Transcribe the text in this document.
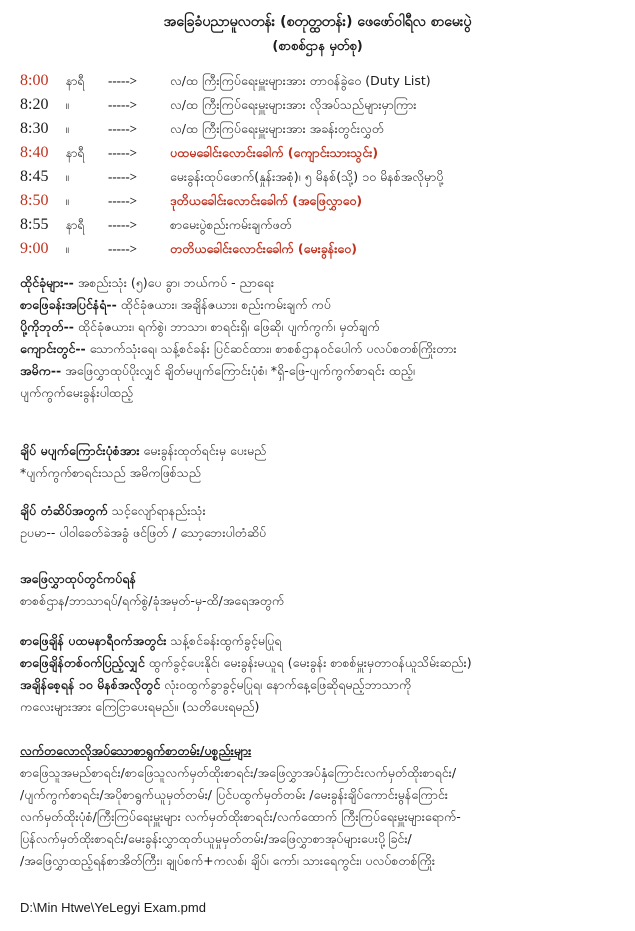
အခြေခံပညာမူလတန်း (စတုတ္ထတန်း) ဖေဖော်ဝါရီလ စာမေးပွဲ
(စာစစ်ဌာန မှတ်စု)
8:00	နာရီ	----->	လ/ထ ကြီးကြပ်ရေးမှူးများအား တာဝန်ခွဲဝေ (Duty List)
8:20	။	----->	လ/ထ ကြီးကြပ်ရေးမှူးများအား လိုအပ်သည်များမှာကြား
8:30	။	----->	လ/ထ ကြီးကြပ်ရေးမှူးများအား အခန်းတွင်းလွှတ်
8:40	နာရီ	----->	ပထမခေါင်းလောင်းခေါက် (ကျောင်းသားသွင်း)
8:45	။	----->	မေးခွန်းထုပ်ဖောက်(နှုန်းအစုံ)၊ ၅ မိနစ်(သို့) ၁၀ မိနစ်အလိုမှာပို့
8:50	။	----->	ဒုတိယခေါင်းလောင်းခေါက် (အဖြေလွှာဝေ)
8:55	နာရီ	----->	စာမေးပွဲစည်းကမ်းချက်ဖတ်
9:00	။	----->	တတိယခေါင်းလောင်းခေါက် (မေးခွန်းဝေ)
ထိုင်ခုံများ-- အစည်းသုံး (၅)ပေ ခွာ၊ ဘယ်ကပ် - ညာရေး
စာဖြေခန်းအပြင်နံရံ-- ထိုင်ခုံဇယား၊ အချိန်ဇယား၊ စည်းကမ်းချက် ကပ်
ပို့ကိုဘုတ်-- ထိုင်ခုံဇယား၊ ရက်စွဲ၊ ဘာသာ၊ စာရင်းရှိ၊ ဖြေဆို၊ ပျက်ကွက်၊ မှတ်ချက်
ကျောင်းတွင်-- သောက်သုံးရေ၊ သန့်စင်ခန်း ပြင်ဆင်ထား၊ စာစစ်ဌာနဝင်ပေါက် ပလပ်စတစ်ကြိုးတား
အမိက-- အဖြေလွှာထုပ်ပိုးလျှင် ချိတ်မပျက်ကြောင်းပုံစံ၊ *ရှိ-ဖြေ-ပျက်ကွက်စာရင်း ထည့်၊
ပျက်ကွက်မေးခွန်းပါထည့်
ချိပ် မပျက်ကြောင်းပုံစံအား မေးခွန်းထုတ်ရင်းမှ ပေးမည်
*ပျက်ကွက်စာရင်းသည် အမိကဖြစ်သည်
ချိပ် တံဆိပ်အတွက် သင့်လျော်ရာနည်းသုံး
ဥပမာ-- ပါဝါခေတ်ခဲအခွံ ဖင်ဖြတ် / သော့ဘေးပါတံဆိပ်
အဖြေလွှာထုပ်တွင်ကပ်ရန်
စာစစ်ဌာန/ဘာသာရပ်/ရက်စွဲ/ခုံအမှတ်-မှ-ထိ/အရေအတွက်
စာဖြေချိန် ပထမနာရီဝက်အတွင်း သန့်စင်ခန်းထွက်ခွင့်မပြုရ
စာဖြေချိန်တစ်ဝက်ပြည့်လျှင် ထွက်ခွင့်ပေးနိုင်၊ မေးခွန်းမယူရ (မေးခွန်း စာစစ်မှူးမှတာဝန်ယူသိမ်းဆည်း)
အချိန်စေ့ရန် ၁၀ မိနစ်အလိုတွင် လုံးဝထွက်ခွာခွင့်မပြုရ၊ နောက်နေ့ဖြေဆိုရမည့်ဘာသာကို
ကလေးများအား ကြေငြာပေးရမည်။ (သတိပေးရမည်)
လက်တလောလိုအပ်သောစာရွက်စာတမ်း/ပစ္စည်းများ
စာဖြေသူအမည်စာရင်း/စာဖြေသူလက်မှတ်ထိုးစာရင်း/အဖြေလွှာအပ်နှံကြောင်းလက်မှတ်ထိုးစာရင်း/
/ပျက်ကွက်စာရင်း/အပိုစာရွက်ယူမှတ်တမ်း/ ပြင်ပထွက်မှတ်တမ်း /မေးခွန်းချိပ်ကောင်းမွန်ကြောင်း
လက်မှတ်ထိုးပုံစံ/ကြီးကြပ်ရေးမှူးများ လက်မှတ်ထိုးစာရင်း/လက်ထောက် ကြီးကြပ်ရေးမှူးများရောက်-
ပြန်လက်မှတ်ထိုးစာရင်း/မေးခွန်းလွှာထုတ်ယူမှုမှတ်တမ်း/အဖြေလွှာစာအုပ်များပေးပို့ခြင်း/
/အဖြေလွှာထည့်ရန်စာအိတ်ကြီး၊ ချုပ်စက်+ကလစ်၊ ချိပ်၊ ကော်၊ သားရေကွင်း၊ ပလပ်စတစ်ကြိုး
D:\Min Htwe\YeLegyi Exam.pmd
